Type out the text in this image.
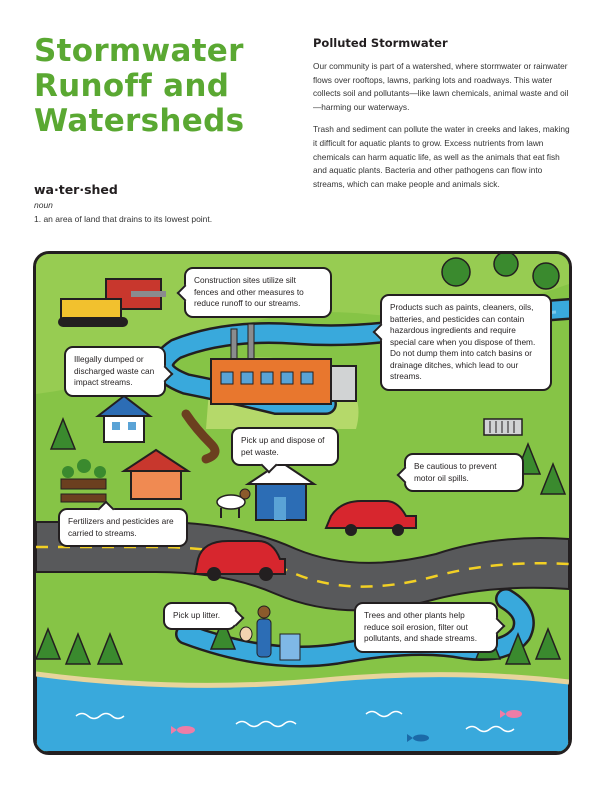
Stormwater
Runoff and
Watersheds
wa·ter·shed
noun
1. an area of land that drains to its lowest point.
Polluted Stormwater

Our community is part of a watershed, where stormwater or rainwater flows over rooftops, lawns, parking lots and roadways. This water collects soil and pollutants—like lawn chemicals, animal waste and oil—harming our waterways.

Trash and sediment can pollute the water in creeks and lakes, making it difficult for aquatic plants to grow. Excess nutrients from lawn chemicals can harm aquatic life, as well as the animals that eat fish and aquatic plants. Bacteria and other pathogens can flow into streams, which can make people and animals sick.

Construction sites utilize silt fences and other measures to reduce runoff to our streams.	Products such as paints, cleaners, oils, batteries, and pesticides can contain hazardous ingredients and require special care when you dispose of them. Do not dump them into catch basins or drainage ditches, which lead to our streams.
Illegally dumped or discharged waste can impact streams.
Pick up and dispose of pet waste.
Be cautious to prevent motor oil spills.
Fertilizers and pesticides are carried to streams.
Pick up litter.	Trees and other plants help reduce soil erosion, filter out pollutants, and shade streams.
